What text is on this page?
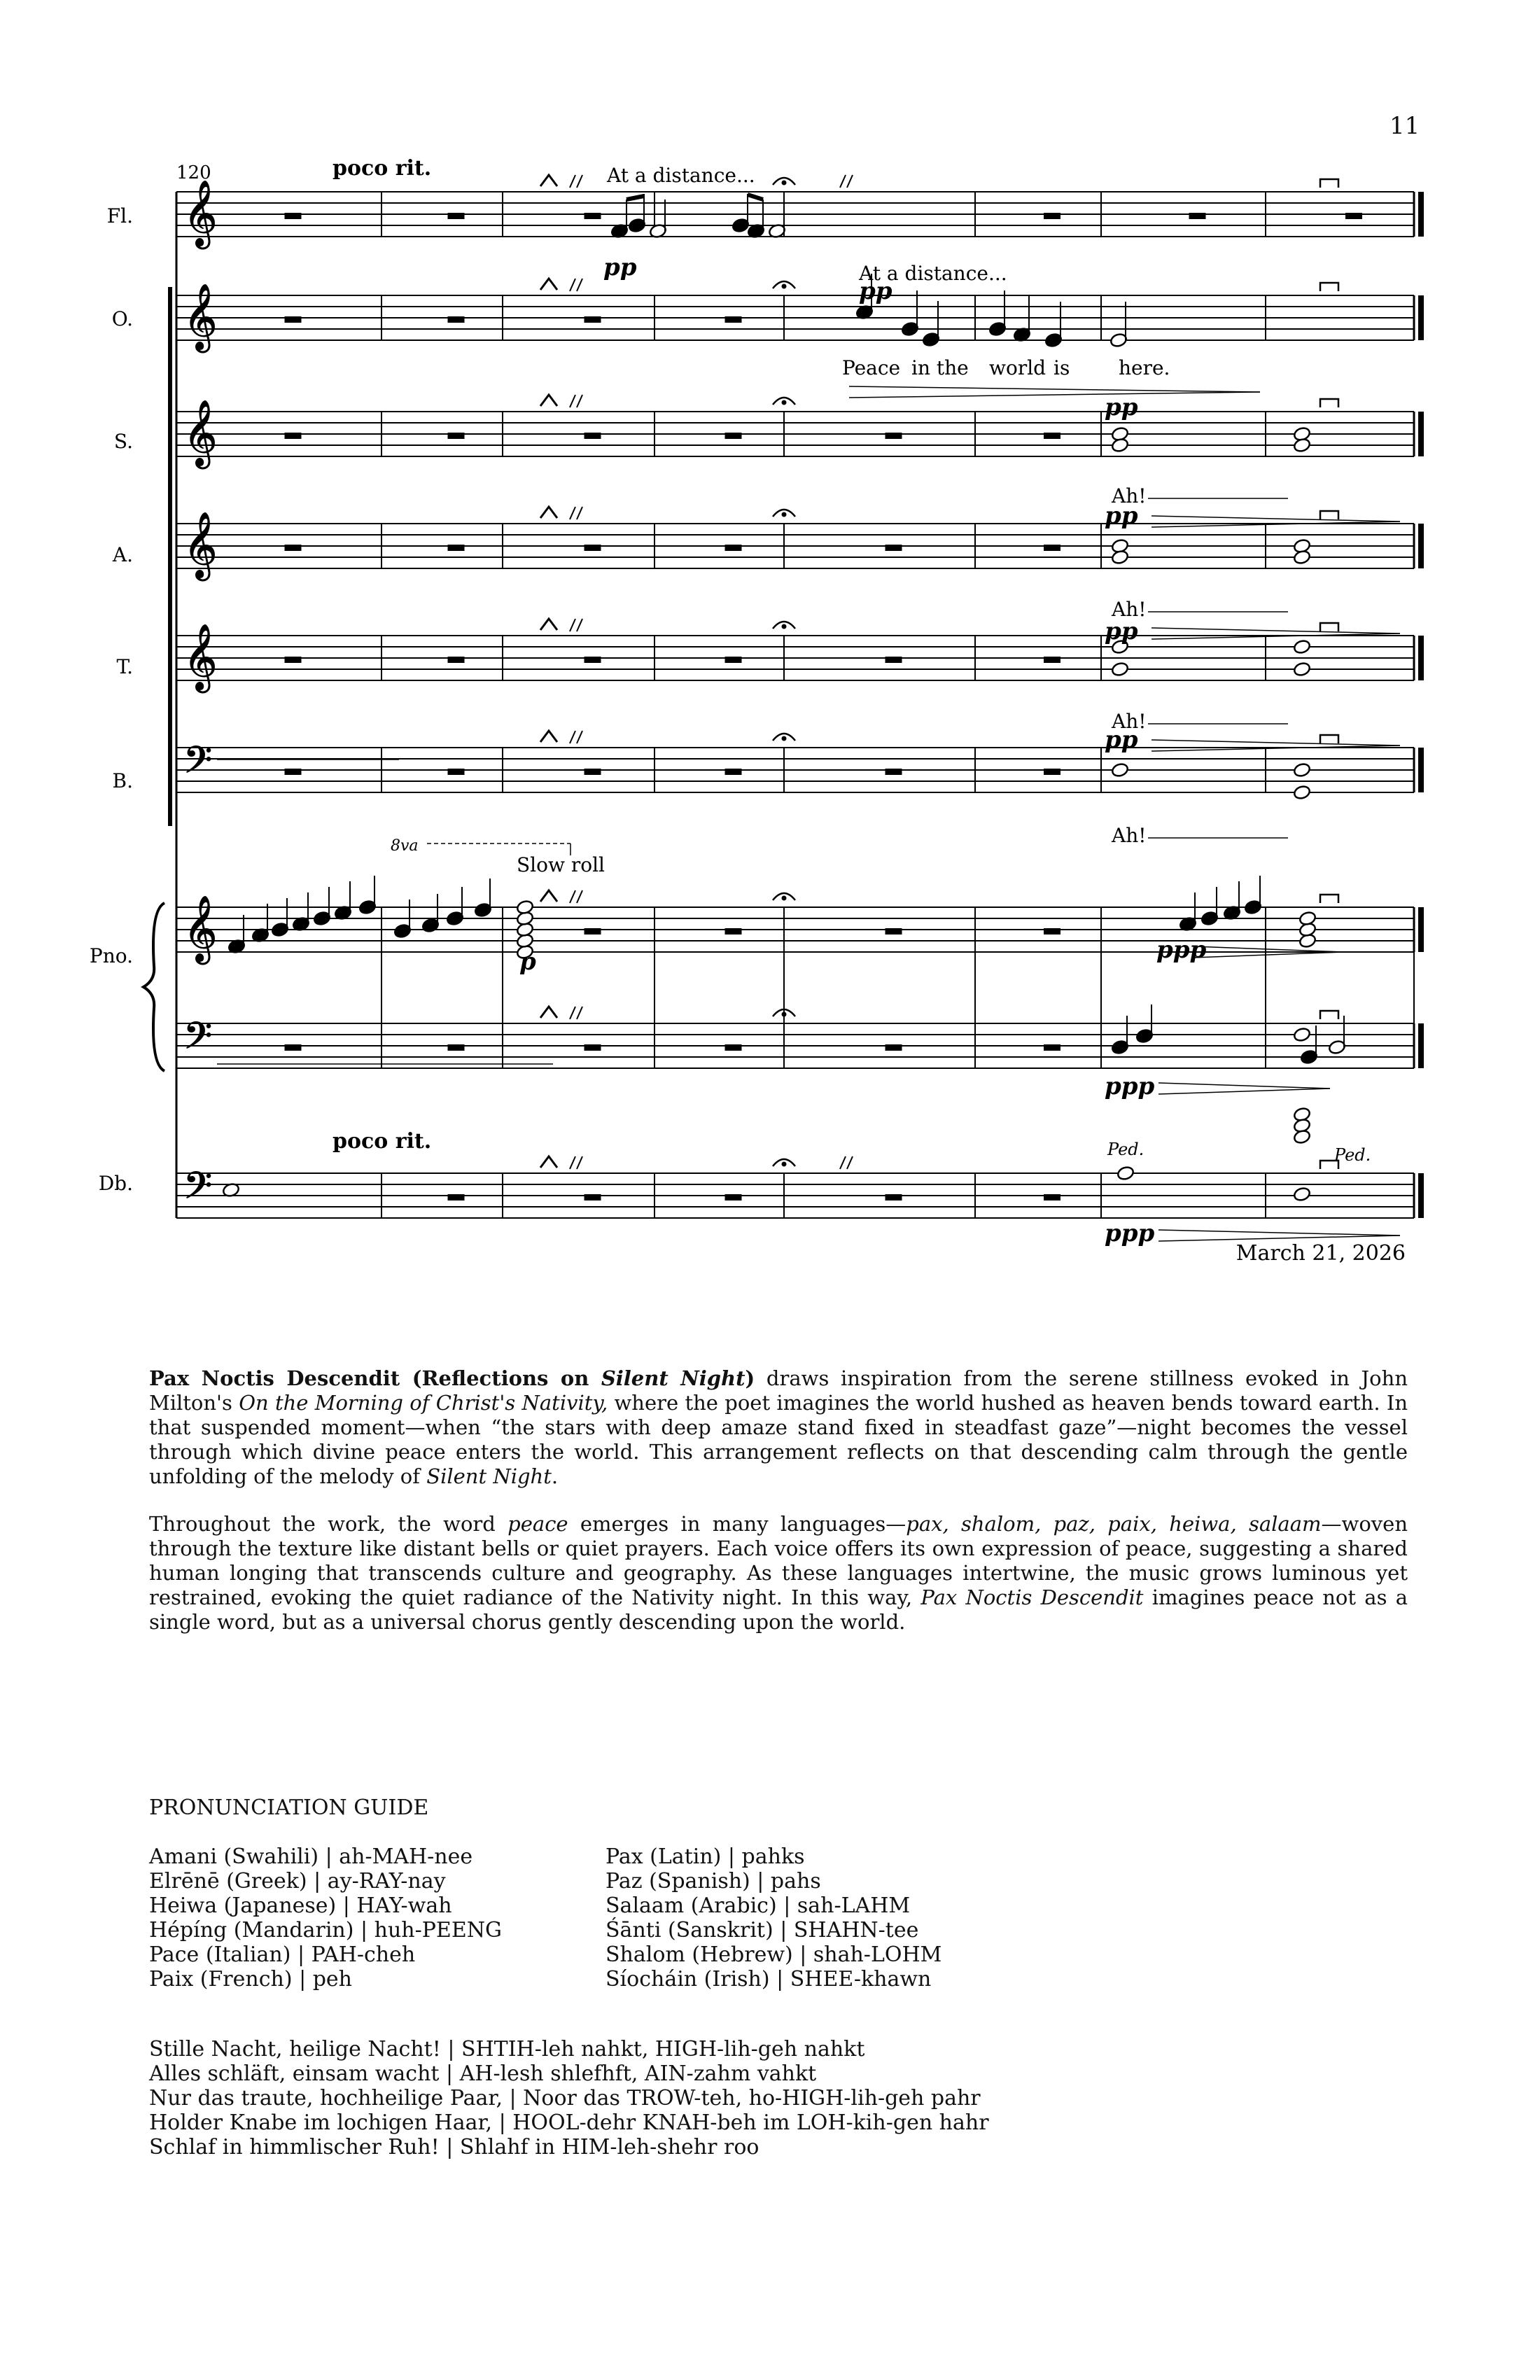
11
𝄞
𝄞
𝄞
𝄞
𝄞
𝄞
𝄢
𝄢
𝄢
Fl.
O.
S.
A.
T.
B.
Pno.
Db.
120	poco rit.
poco rit.
At a distance...
At a distance...
pp
pp
pp
pp
pp
pp
p	ppp
ppp
ppp
Slow roll
8va
Ped.	Ped.
Peace in the world is here.
Ah!
Ah!
Ah!
Ah!
March 21, 2026
Pax Noctis Descendit (Reflections on Silent Night) draws inspiration from the serene stillness evoked in John Milton's On the Morning of Christ's Nativity, where the poet imagines the world hushed as heaven bends toward earth. In that suspended moment—when “the stars with deep amaze stand fixed in steadfast gaze”—night becomes the vessel through which divine peace enters the world. This arrangement reflects on that descending calm through the gentle unfolding of the melody of Silent Night.
Throughout the work, the word peace emerges in many languages—pax, shalom, paz, paix, heiwa, salaam—woven through the texture like distant bells or quiet prayers. Each voice offers its own expression of peace, suggesting a shared human longing that transcends culture and geography. As these languages intertwine, the music grows luminous yet restrained, evoking the quiet radiance of the Nativity night. In this way, Pax Noctis Descendit imagines peace not as a single word, but as a universal chorus gently descending upon the world.
PRONUNCIATION GUIDE
Amani (Swahili) | ah-MAH-nee
Elrēnē (Greek) | ay-RAY-nay
Heiwa (Japanese) | HAY-wah
Hépíng (Mandarin) | huh-PEENG
Pace (Italian) | PAH-cheh
Paix (French) | peh
Pax (Latin) | pahks
Paz (Spanish) | pahs
Salaam (Arabic) | sah-LAHM
Śānti (Sanskrit) | SHAHN-tee
Shalom (Hebrew) | shah-LOHM
Síocháin (Irish) | SHEE-khawn
Stille Nacht, heilige Nacht! | SHTIH-leh nahkt, HIGH-lih-geh nahkt
Alles schläft, einsam wacht | AH-lesh shlefhft, AIN-zahm vahkt
Nur das traute, hochheilige Paar, | Noor das TROW-teh, ho-HIGH-lih-geh pahr
Holder Knabe im lochigen Haar, | HOOL-dehr KNAH-beh im LOH-kih-gen hahr
Schlaf in himmlischer Ruh! | Shlahf in HIM-leh-shehr roo
